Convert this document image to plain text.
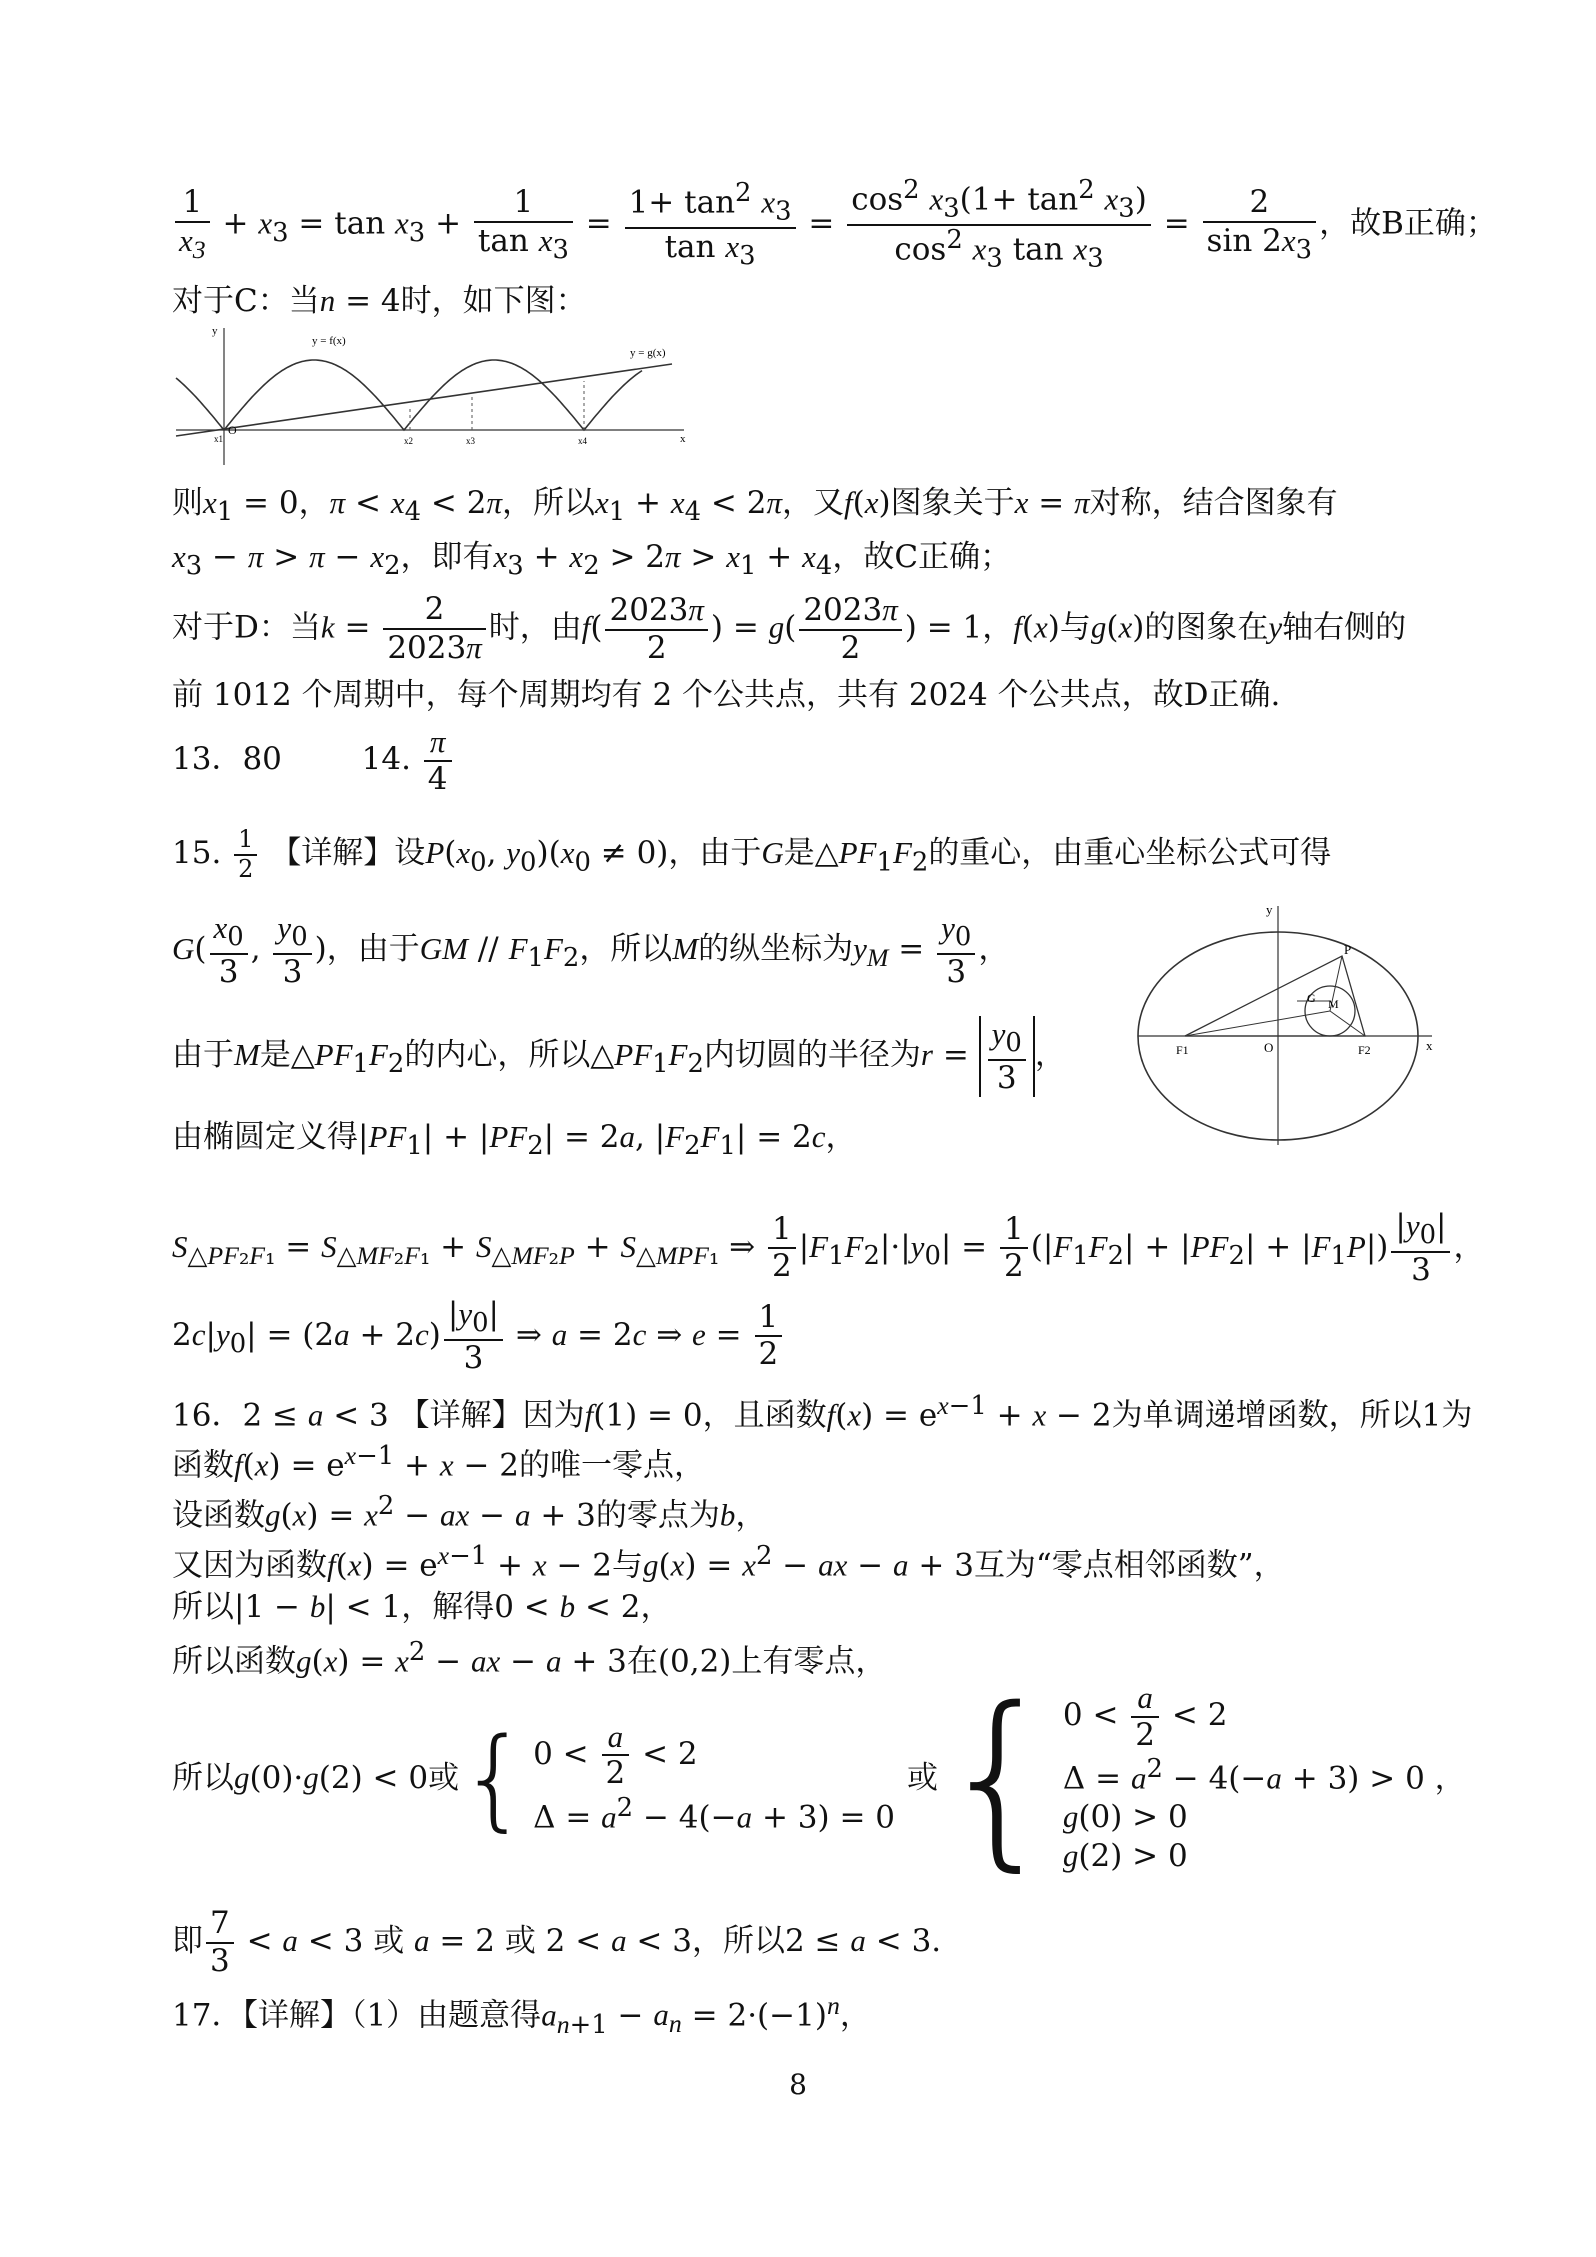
$\frac{1}{x_3} + x_3 = \tan x_3 + \frac{1}{\tan x_3} = \frac{1+ \tan^2 x_3}{\tan x_3} = \frac{\cos^2 x_3(1+ \tan^2 x_3)}{\cos^2 x_3 \tan x_3} = \frac{2}{\sin 2x_3}$ ，故B正确；
对于C：当n = 4时，如下图：
y = f(x)
y = g(x)
y
x
O
x1	x2	x3	x4
则$x_1 = 0$，$\pi < x_4 < 2\pi$，所以$x_1 + x_4 < 2\pi$，又f(x)图象关于x = π对称，结合图象有
$x_3 - \pi > \pi - x_2$，即有$x_3 + x_2 > 2\pi > x_1 + x_4$，故C正确；
对于D：当$k = \frac{2}{2023\pi}$ 时，由$f( \frac{2023\pi}{2}$ ) = $g( \frac{2023\pi}{2}$ ) = 1，f(x)与g(x)的图象在y轴右侧的
前 1012 个周期中，每个周期均有 2 个公共点，共有 2024 个公共点，故D正确.
13．80	14. $\frac{\pi}{4}$
15. $\frac{1}{2}$ 【详解】设$P(x_0$, $y_0)(x_0 \ne 0)$，由于G是$\triangle PF_1F_2$的重心，由重心坐标公式可得
$G( \frac{x_0}{3}$ , $\frac{y_0}{3}$ )，由于GM // $F_1F_2$，所以M的纵坐标为$y_M = \frac{y_0}{3}$ ，
由于M是$\triangle PF_1F_2$的内心，所以$\triangle PF_1F_2$内切圆的半径为$r = \frac{y_0}{3}$ ，
y
x
O
P
G M
F1	F2
由椭圆定义得$|PF_1| + |PF_2| = 2a$, $|F_2F_1| = 2c$，
$S_{\triangle PF_2F_1} = S_{\triangle MF_2F_1} + S_{\triangle MF_2P} + S_{\triangle MPF_1}$ ⇒ $\frac{1}{2} |F_1F_2|\cdot|y_0| = \frac{1}{2} (|F_1F_2| + |PF_2| + |F_1P|) \frac{|y_0|}{3}$ ，
$2c|y_0| = (2a + 2c) \frac{|y_0|}{3}$ ⇒ a = 2c ⇒ $e = \frac{1}{2}$
16．2 ≤ a < 3 【详解】因为f(1) = 0，且函数$f(x) = e^{x-1} + x - 2$为单调递增函数，所以1为
函数$f(x) = e^{x-1} + x - 2$的唯一零点，
设函数$g(x) = x^2$ − ax − a + 3的零点为b，
又因为函数$f(x) = e^{x-1} + x - 2$与$g(x) = x^2$ − ax − a + 3互为“零点相邻函数”，
所以|1 − b| < 1，解得0 < b < 2，
所以函数$g(x) = x^2$ − ax − a + 3在(0,2)上有零点，
所以 g(0)·g(2) < 0 或 { $0 < \frac{a}{2} < 2$
$\Delta = a^2 - 4(-a + 3) = 0$
或 { $0 < \frac{a}{2} < 2$
$\Delta = a^2 - 4(-a + 3) > 0$ ，
g(0) > 0
g(2) > 0
即 $\frac{7}{3} < a < 3$ 或 a = 2 或 2 < a < 3，所以2 ≤ a < 3.
17．【详解】（1）由题意得$a_{n+1} - a_n = 2\cdot(-1)^n$，
8
